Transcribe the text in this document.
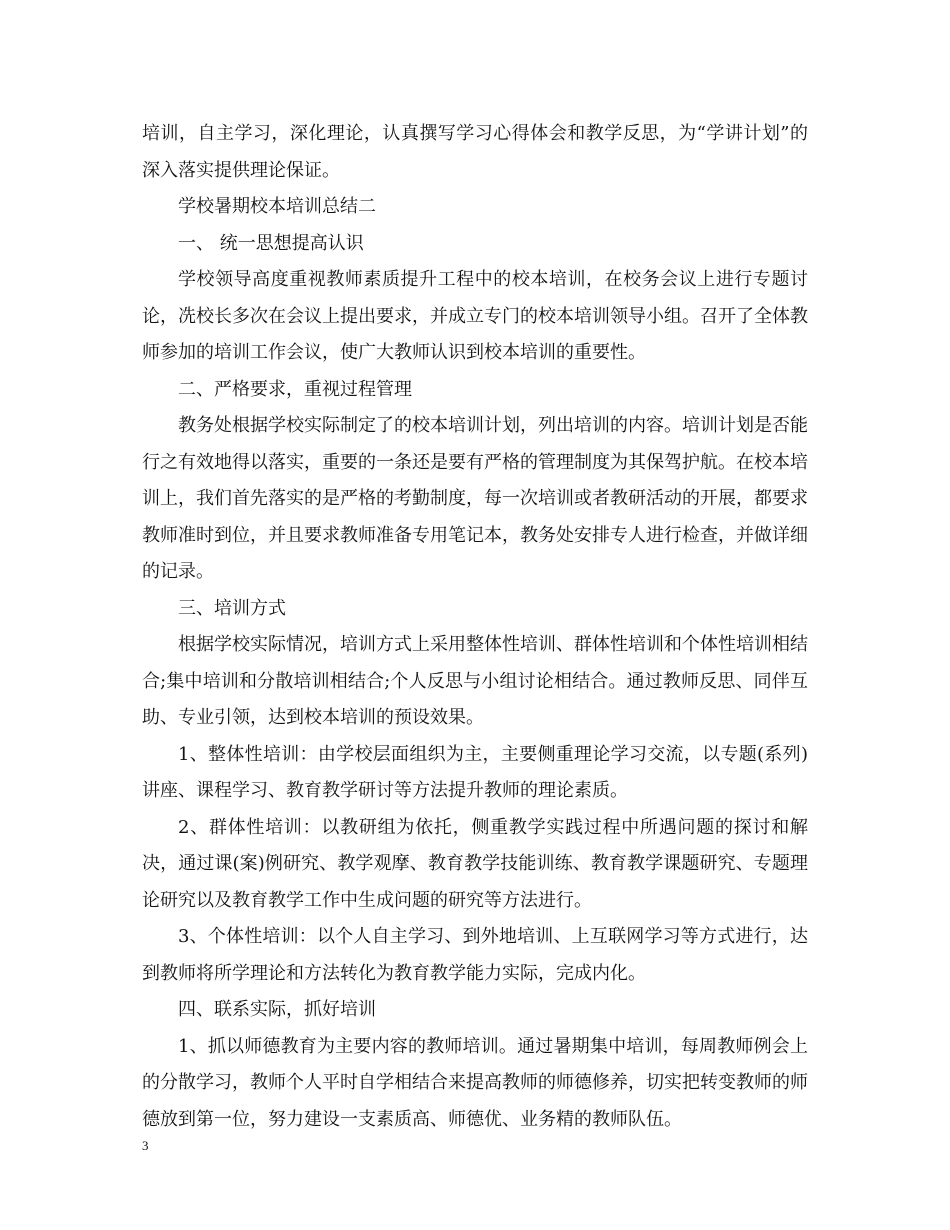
培训，自主学习，深化理论，认真撰写学习心得体会和教学反思，为“学讲计划”的深入落实提供理论保证。

学校暑期校本培训总结二

一、 统一思想提高认识

学校领导高度重视教师素质提升工程中的校本培训，在校务会议上进行专题讨论，冼校长多次在会议上提出要求，并成立专门的校本培训领导小组。召开了全体教师参加的培训工作会议，使广大教师认识到校本培训的重要性。

二、严格要求，重视过程管理

教务处根据学校实际制定了的校本培训计划，列出培训的内容。培训计划是否能行之有效地得以落实，重要的一条还是要有严格的管理制度为其保驾护航。在校本培训上，我们首先落实的是严格的考勤制度，每一次培训或者教研活动的开展，都要求教师准时到位，并且要求教师准备专用笔记本，教务处安排专人进行检查，并做详细的记录。

三、培训方式

根据学校实际情况，培训方式上采用整体性培训、群体性培训和个体性培训相结合;集中培训和分散培训相结合;个人反思与小组讨论相结合。通过教师反思、同伴互助、专业引领，达到校本培训的预设效果。

1、整体性培训：由学校层面组织为主，主要侧重理论学习交流，以专题(系列)讲座、课程学习、教育教学研讨等方法提升教师的理论素质。

2、群体性培训：以教研组为依托，侧重教学实践过程中所遇问题的探讨和解决，通过课(案)例研究、教学观摩、教育教学技能训练、教育教学课题研究、专题理论研究以及教育教学工作中生成问题的研究等方法进行。

3、个体性培训：以个人自主学习、到外地培训、上互联网学习等方式进行，达到教师将所学理论和方法转化为教育教学能力实际，完成内化。

四、联系实际，抓好培训

1、抓以师德教育为主要内容的教师培训。通过暑期集中培训，每周教师例会上的分散学习，教师个人平时自学相结合来提高教师的师德修养，切实把转变教师的师德放到第一位，努力建设一支素质高、师德优、业务精的教师队伍。

3
